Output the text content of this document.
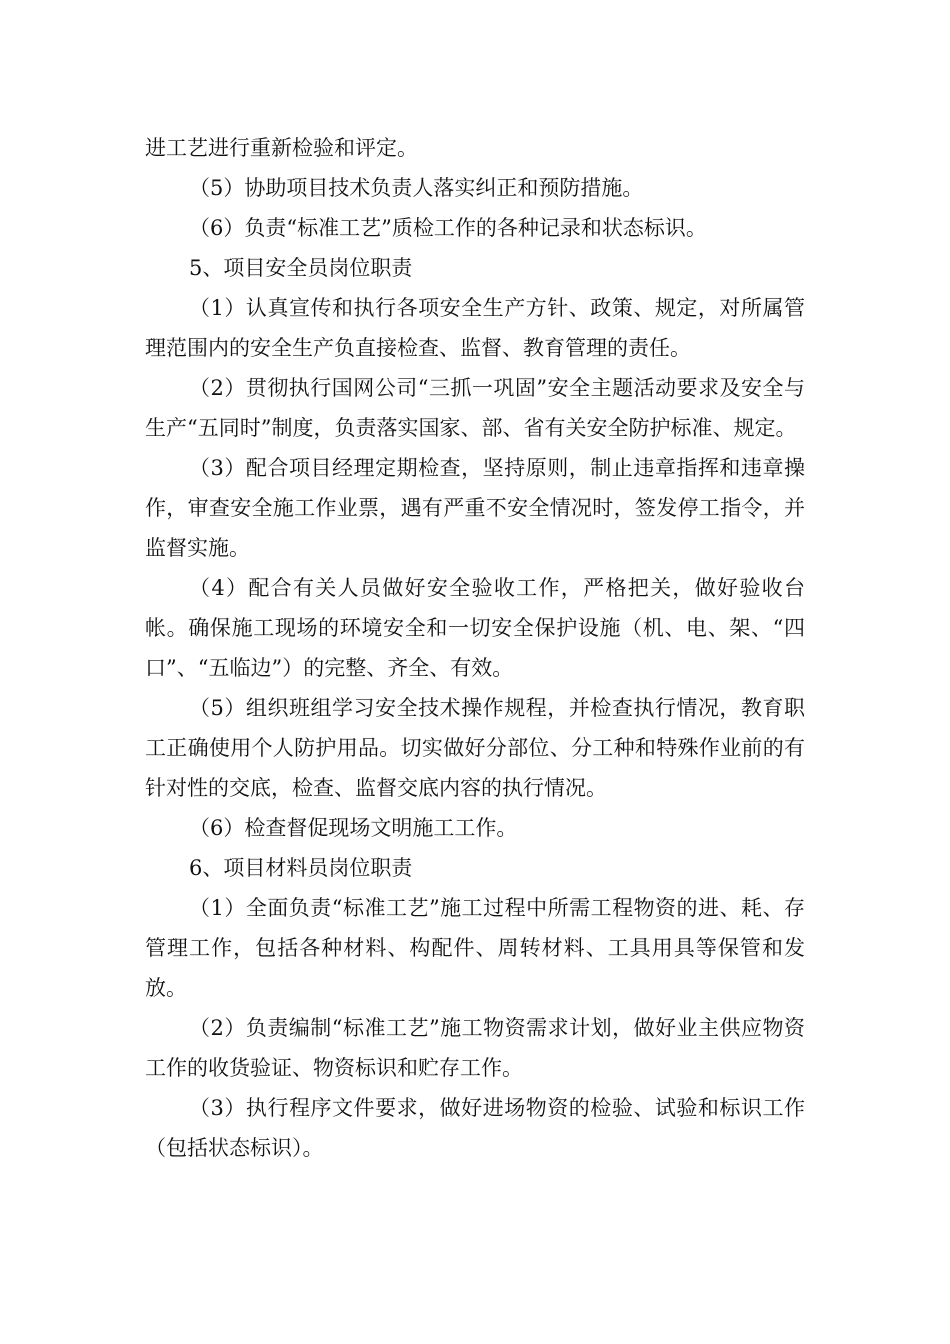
进工艺进行重新检验和评定。

（5）协助项目技术负责人落实纠正和预防措施。

（6）负责“标准工艺”质检工作的各种记录和状态标识。

5、项目安全员岗位职责

（1）认真宣传和执行各项安全生产方针、政策、规定，对所属管理范围内的安全生产负直接检查、监督、教育管理的责任。

（2）贯彻执行国网公司“三抓一巩固”安全主题活动要求及安全与生产“五同时”制度，负责落实国家、部、省有关安全防护标准、规定。

（3）配合项目经理定期检查，坚持原则，制止违章指挥和违章操作，审查安全施工作业票，遇有严重不安全情况时，签发停工指令，并监督实施。

（4）配合有关人员做好安全验收工作，严格把关，做好验收台帐。确保施工现场的环境安全和一切安全保护设施（机、电、架、“四口”、“五临边”）的完整、齐全、有效。

（5）组织班组学习安全技术操作规程，并检查执行情况，教育职工正确使用个人防护用品。切实做好分部位、分工种和特殊作业前的有针对性的交底，检查、监督交底内容的执行情况。

（6）检查督促现场文明施工工作。

6、项目材料员岗位职责

（1）全面负责“标准工艺”施工过程中所需工程物资的进、耗、存管理工作，包括各种材料、构配件、周转材料、工具用具等保管和发放。

（2）负责编制“标准工艺”施工物资需求计划，做好业主供应物资工作的收货验证、物资标识和贮存工作。

（3）执行程序文件要求，做好进场物资的检验、试验和标识工作（包括状态标识）。
